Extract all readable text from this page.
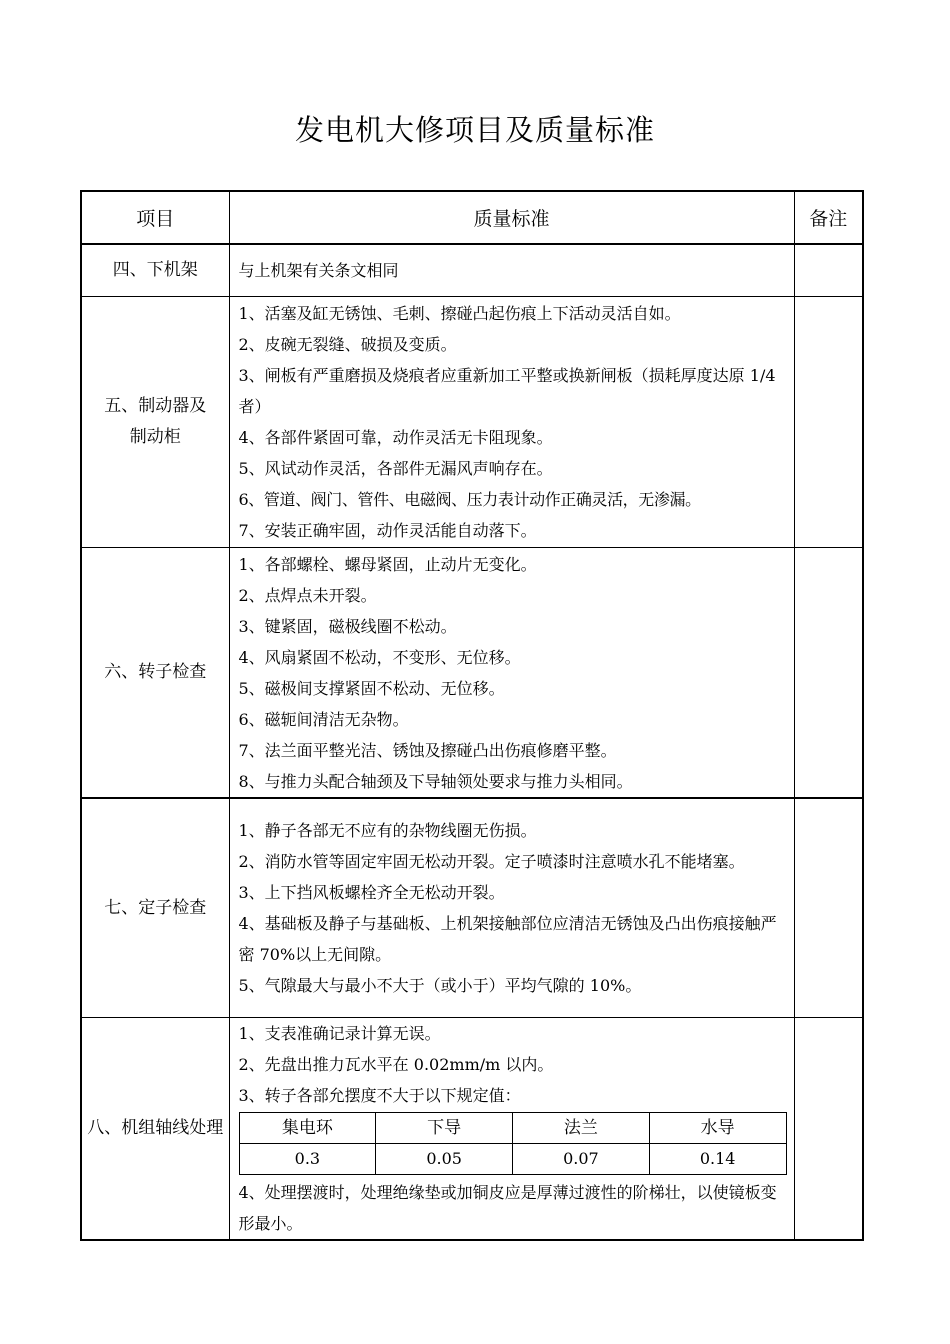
发电机大修项目及质量标准
项目	质量标准	备注
四、下机架	与上机架有关条文相同

五、制动器及制动柜	
1、活塞及缸无锈蚀、毛刺、擦碰凸起伤痕上下活动灵活自如。
2、皮碗无裂缝、破损及变质。
3、闸板有严重磨损及烧痕者应重新加工平整或换新闸板（损耗厚度达原 1/4 者）
4、各部件紧固可靠，动作灵活无卡阻现象。
5、风试动作灵活，各部件无漏风声响存在。
6、管道、阀门、管件、电磁阀、压力表计动作正确灵活，无渗漏。
7、安装正确牢固，动作灵活能自动落下。

六、转子检查	
1、各部螺栓、螺母紧固，止动片无变化。
2、点焊点未开裂。
3、键紧固，磁极线圈不松动。
4、风扇紧固不松动，不变形、无位移。
5、磁极间支撑紧固不松动、无位移。
6、磁轭间清洁无杂物。
7、法兰面平整光洁、锈蚀及擦碰凸出伤痕修磨平整。
8、与推力头配合轴颈及下导轴领处要求与推力头相同。

七、定子检查	
1、静子各部无不应有的杂物线圈无伤损。
2、消防水管等固定牢固无松动开裂。定子喷漆时注意喷水孔不能堵塞。
3、上下挡风板螺栓齐全无松动开裂。
4、基础板及静子与基础板、上机架接触部位应清洁无锈蚀及凸出伤痕接触严密 70%以上无间隙。
5、气隙最大与最小不大于（或小于）平均气隙的 10%。

八、机组轴线处理	
1、支表准确记录计算无误。
2、先盘出推力瓦水平在 0.02mm/m 以内。
3、转子各部允摆度不大于以下规定值：
集电环	下导	法兰	水导
0.3	0.05	0.07	0.14
4、处理摆渡时，处理绝缘垫或加铜皮应是厚薄过渡性的阶梯壮，以使镜板变形最小。
